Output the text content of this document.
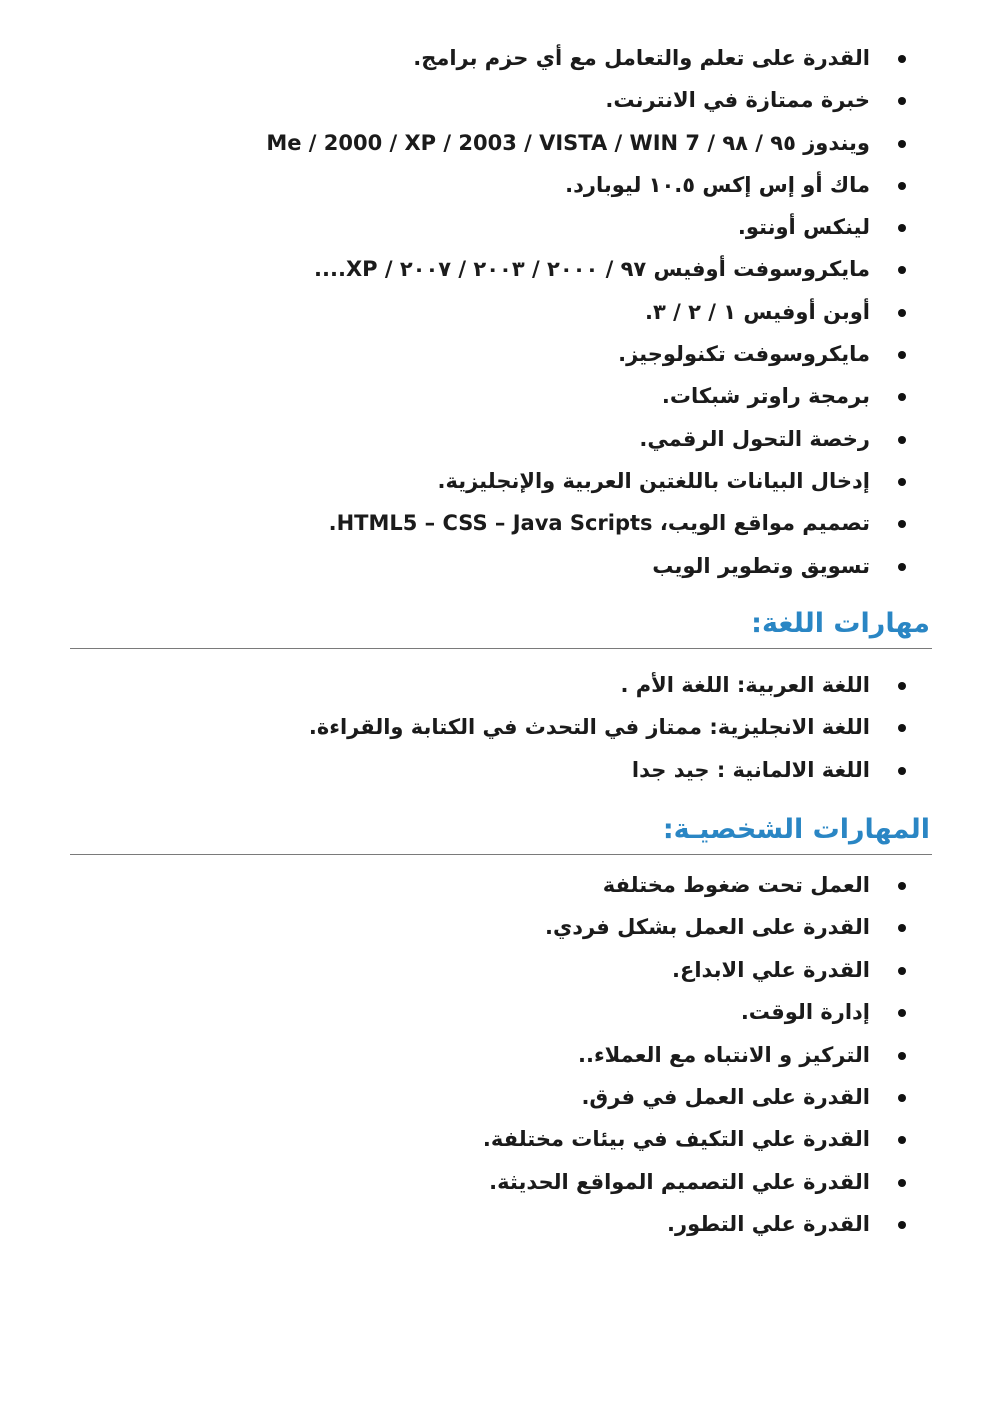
القدرة على تعلم والتعامل مع أي حزم برامج.
خبرة ممتازة في الانترنت.
ويندوز ٩٥ / ٩٨ / Me / 2000 / XP / 2003 / VISTA / WIN 7
ماك أو إس إكس ١٠.٥ ليوبارد.
لينكس أونتو.
مايكروسوفت أوفيس ٩٧ / ٢٠٠٠ / ٢٠٠٣ / ٢٠٠٧ / XP....
أوبن أوفيس ١ / ٢ / ٣.
مايكروسوفت تكنولوجيز.
برمجة راوتر شبكات.
رخصة التحول الرقمي.
إدخال البيانات باللغتين العربية والإنجليزية.
تصميم مواقع الويب، HTML5 – CSS – Java Scripts.
تسويق وتطوير الويب
مهارات اللغة:
اللغة العربية: اللغة الأم .
اللغة الانجليزية: ممتاز في التحدث في الكتابة والقراءة.
اللغة الالمانية : جيد جدا
المهارات الشخصيـة:
العمل تحت ضغوط مختلفة
القدرة على العمل بشكل فردي.
القدرة علي الابداع.
إدارة الوقت.
التركيز و الانتباه مع العملاء..
القدرة على العمل في فرق.
القدرة علي التكيف في بيئات مختلفة.
القدرة علي التصميم المواقع الحديثة.
القدرة علي التطور.
